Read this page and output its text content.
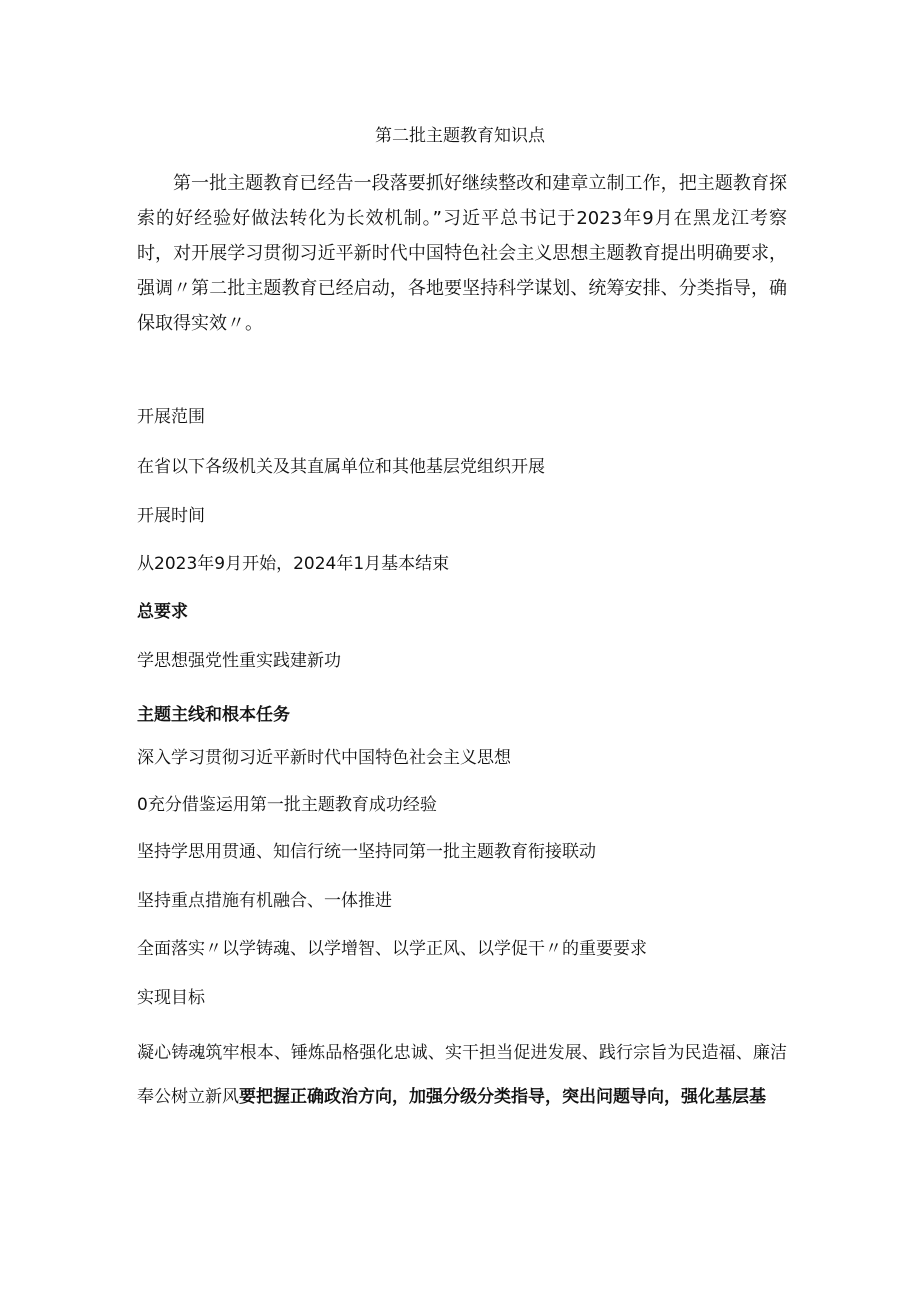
第二批主题教育知识点
第一批主题教育已经告一段落要抓好继续整改和建章立制工作，把主题教育探索的好经验好做法转化为长效机制。”习近平总书记于2023年9月在黑龙江考察时，对开展学习贯彻习近平新时代中国特色社会主义思想主题教育提出明确要求，强调〃第二批主题教育已经启动，各地要坚持科学谋划、统筹安排、分类指导，确保取得实效〃。
开展范围
在省以下各级机关及其直属单位和其他基层党组织开展
开展时间
从2023年9月开始，2024年1月基本结束
总要求
学思想强党性重实践建新功
主题主线和根本任务
深入学习贯彻习近平新时代中国特色社会主义思想
0充分借鉴运用第一批主题教育成功经验
坚持学思用贯通、知信行统一坚持同第一批主题教育衔接联动
坚持重点措施有机融合、一体推进
全面落实〃以学铸魂、以学增智、以学正风、以学促干〃的重要要求
实现目标
凝心铸魂筑牢根本、锤炼品格强化忠诚、实干担当促进发展、践行宗旨为民造福、廉洁奉公树立新风要把握正确政治方向，加强分级分类指导，突出问题导向，强化基层基
